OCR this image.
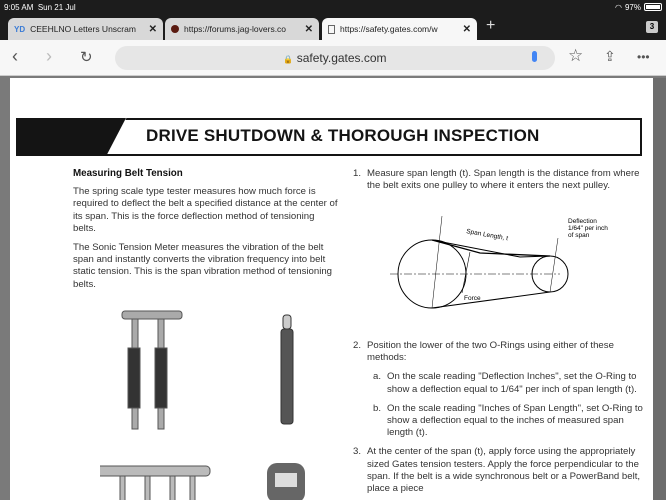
9:05 AM
Sun 21 Jul	◠ 97%
YD CEEHLNO Letters Unscram	✕	https://forums.jag-lovers.co	✕	https://safety.gates.com/w	✕ +	3
‹ › ↻	🔒 safety.gates.com	☆ ⇪ •••
DRIVE SHUTDOWN & THOROUGH INSPECTION
Measuring Belt Tension

The spring scale type tester measures how much force is required to deflect the belt a specified distance at the center of its span. This is the force deflection method of tensioning belts.

The Sonic Tension Meter measures the vibration of the belt span and instantly converts the vibration frequency into belt static tension. This is the span vibration method of tensioning belts.

1. Measure span length (t). Span length is the distance from where the belt exits one pulley to where it enters the next pulley.
Span Length, t
Force
Deflection
1/64" per inch
of span
2. Position the lower of the two O-Rings using either of these methods:
a. On the scale reading "Deflection Inches", set the O-Ring to show a deflection equal to 1/64" per inch of span length (t).
b. On the scale reading "Inches of Span Length", set O-Ring to show a deflection equal to the inches of measured span length (t).
3. At the center of the span (t), apply force using the appropriately sized Gates tension testers. Apply the force perpendicular to the span. If the belt is a wide synchronous belt or a PowerBand belt, place a piece
